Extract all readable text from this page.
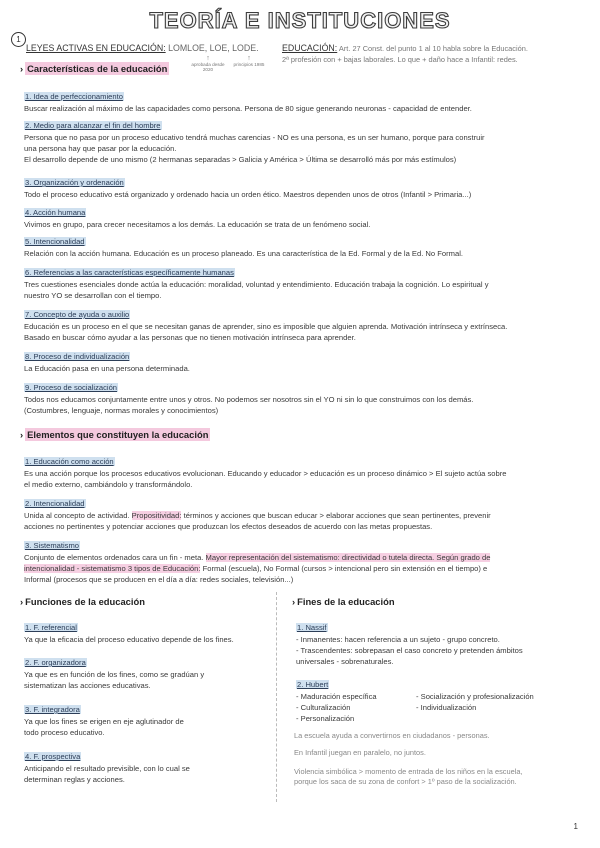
TEORÍA E INSTITUCIONES
1
LEYES ACTIVAS EN EDUCACIÓN: LOMLOE, LOE, LODE.
↑
aprobada desde 2020
↑
principios 1985
EDUCACIÓN: Art. 27 Const. del punto 1 al 10 habla sobre la Educación.
2ª profesión con + bajas laborales. Lo que + daño hace a Infantil: redes.
› Características de la educación
1. Idea de perfeccionamiento
Buscar realización al máximo de las capacidades como persona. Persona de 80 sigue generando neuronas - capacidad de entender.
2. Medio para alcanzar el fin del hombre
Persona que no pasa por un proceso educativo tendrá muchas carencias - NO es una persona, es un ser humano, porque para construir
una persona hay que pasar por la educación.
El desarrollo depende de uno mismo (2 hermanas separadas > Galicia y América > Última se desarrolló más por más estímulos)
3. Organización y ordenación
Todo el proceso educativo está organizado y ordenado hacia un orden ético. Maestros dependen unos de otros (Infantil > Primaria...)
4. Acción humana
Vivimos en grupo, para crecer necesitamos a los demás. La educación se trata de un fenómeno social.
5. Intencionalidad
Relación con la acción humana. Educación es un proceso planeado. Es una característica de la Ed. Formal y de la Ed. No Formal.
6. Referencias a las características específicamente humanas
Tres cuestiones esenciales donde actúa la educación: moralidad, voluntad y entendimiento. Educación trabaja la cognición. Lo espiritual y
nuestro YO se desarrollan con el tiempo.
7. Concepto de ayuda o auxilio
Educación es un proceso en el que se necesitan ganas de aprender, sino es imposible que alguien aprenda. Motivación intrínseca y extrínseca.
Basado en buscar cómo ayudar a las personas que no tienen motivación intrínseca para aprender.
8. Proceso de individualización
La Educación pasa en una persona determinada.
9. Proceso de socialización
Todos nos educamos conjuntamente entre unos y otros. No podemos ser nosotros sin el YO ni sin lo que construimos con los demás.
(Costumbres, lenguaje, normas morales y conocimientos)
› Elementos que constituyen la educación
1. Educación como acción
Es una acción porque los procesos educativos evolucionan. Educando y educador > educación es un proceso dinámico > El sujeto actúa sobre
el medio externo, cambiándolo y transformándolo.
2. Intencionalidad
Unida al concepto de actividad. Propositividad: términos y acciones que buscan educar > elaborar acciones que sean pertinentes, prevenir
acciones no pertinentes y potenciar acciones que produzcan los efectos deseados de acuerdo con las metas propuestas.
3. Sistematismo
Conjunto de elementos ordenados cara un fin - meta. Mayor representación del sistematismo: directividad o tutela directa. Según grado de
intencionalidad - sistematismo 3 tipos de Educación: Formal (escuela), No Formal (cursos > intencional pero sin extensión en el tiempo) e
Informal (procesos que se producen en el día a día: redes sociales, televisión...)
› Funciones de la educación
1. F. referencial
Ya que la eficacia del proceso educativo depende de los fines.
2. F. organizadora
Ya que es en función de los fines, como se gradúan y
sistematizan las acciones educativas.
3. F. integradora
Ya que los fines se erigen en eje aglutinador de
todo proceso educativo.
4. F. prospectiva
Anticipando el resultado previsible, con lo cual se
determinan reglas y acciones.
› Fines de la educación
1. Nassif
- Inmanentes: hacen referencia a un sujeto - grupo concreto.
- Trascendentes: sobrepasan el caso concreto y pretenden ámbitos
universales - sobrenaturales.
2. Hubert
- Maduración específica
- Culturalización
- Personalización
- Socialización y profesionalización
- Individualización
La escuela ayuda a convertirnos en ciudadanos - personas.
En Infantil juegan en paralelo, no juntos.
Violencia simbólica > momento de entrada de los niños en la escuela,
porque los saca de su zona de confort > 1º paso de la socialización.
1
